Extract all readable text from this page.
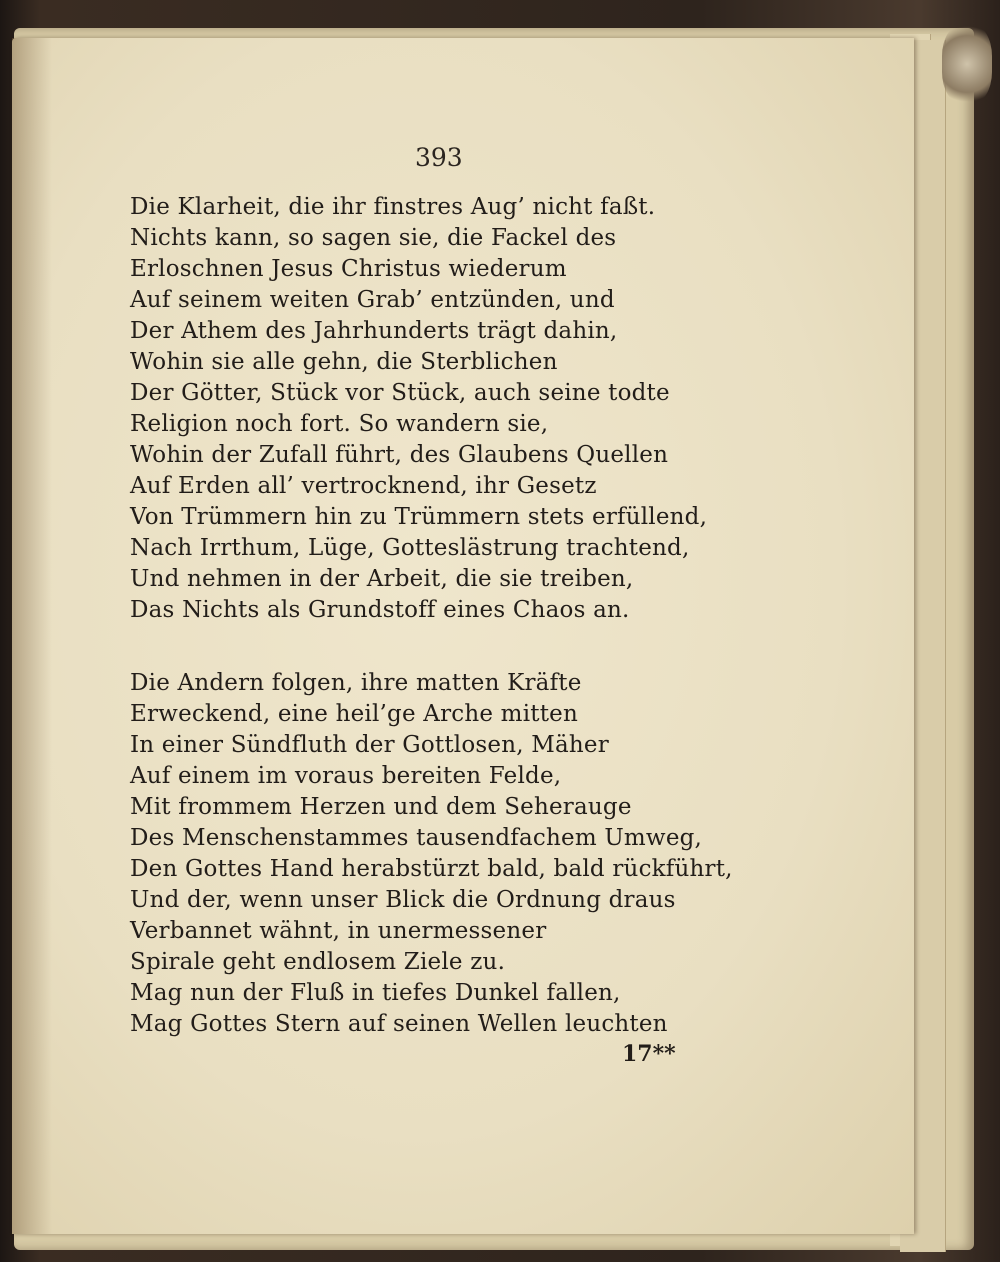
393
Die Klarheit, die ihr finstres Aug’ nicht faßt.
Nichts kann, so sagen sie, die Fackel des
Erloschnen Jesus Christus wiederum
Auf seinem weiten Grab’ entzünden, und
Der Athem des Jahrhunderts trägt dahin,
Wohin sie alle gehn, die Sterblichen
Der Götter, Stück vor Stück, auch seine todte
Religion noch fort. So wandern sie,
Wohin der Zufall führt, des Glaubens Quellen
Auf Erden all’ vertrocknend, ihr Gesetz
Von Trümmern hin zu Trümmern stets erfüllend,
Nach Irrthum, Lüge, Gotteslästrung trachtend,
Und nehmen in der Arbeit, die sie treiben,
Das Nichts als Grundstoff eines Chaos an.
Die Andern folgen, ihre matten Kräfte
Erweckend, eine heil’ge Arche mitten
In einer Sündfluth der Gottlosen, Mäher
Auf einem im voraus bereiten Felde,
Mit frommem Herzen und dem Seherauge
Des Menschenstammes tausendfachem Umweg,
Den Gottes Hand herabstürzt bald, bald rückführt,
Und der, wenn unser Blick die Ordnung draus
Verbannet wähnt, in unermessener
Spirale geht endlosem Ziele zu.
Mag nun der Fluß in tiefes Dunkel fallen,
Mag Gottes Stern auf seinen Wellen leuchten
17**
